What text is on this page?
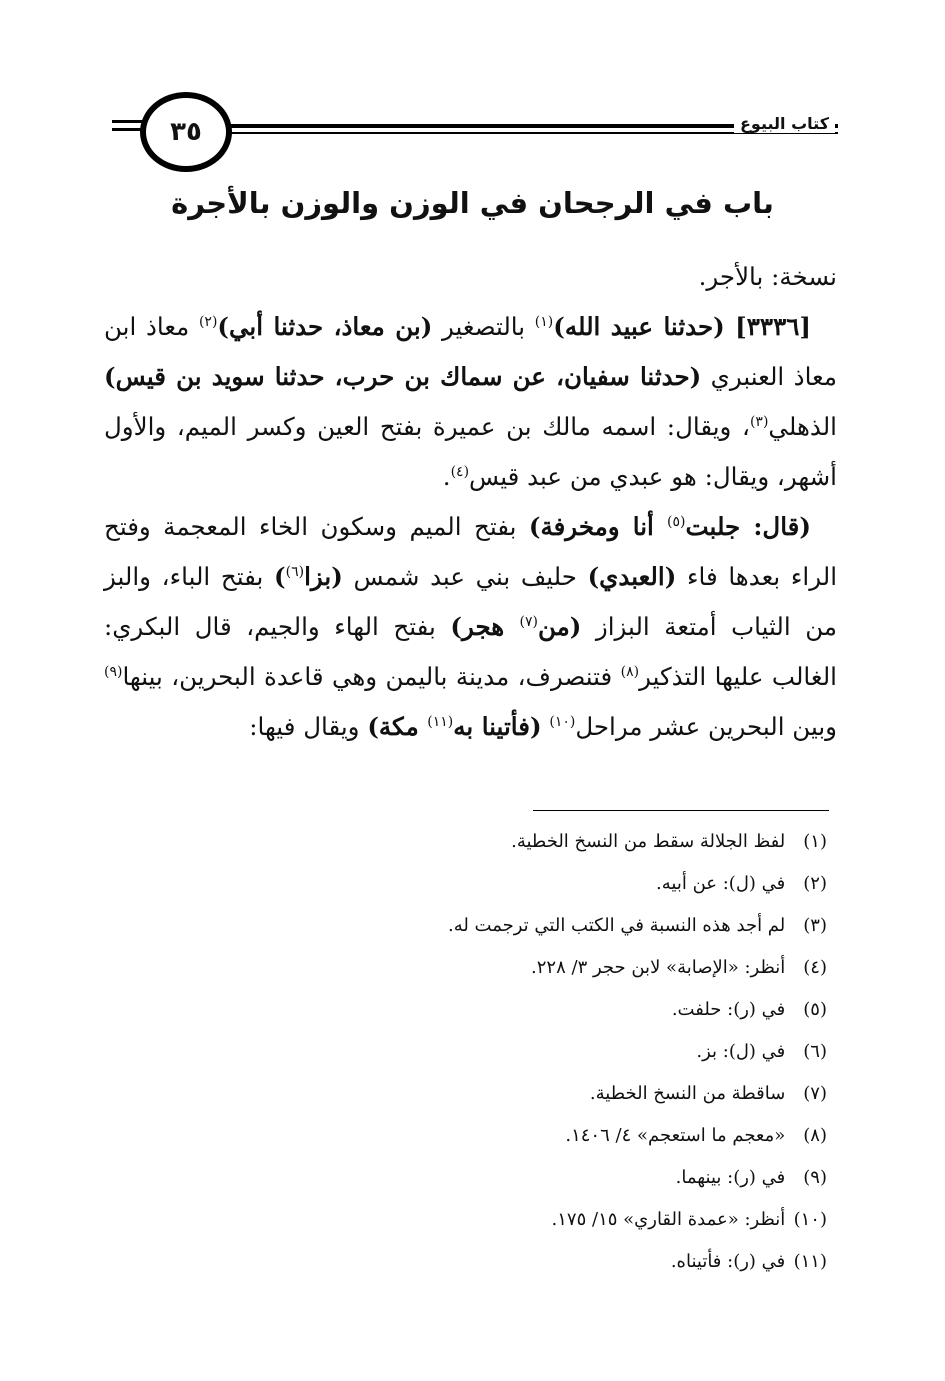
٣٥	كتاب البيوع
باب في الرجحان في الوزن والوزن بالأجرة

نسخة: بالأجر.

[٣٣٣٦] (حدثنا عبيد الله)$^{(١)}$ بالتصغير (بن معاذ، حدثنا أبي)$^{(٢)}$ معاذ ابن معاذ العنبري (حدثنا سفيان، عن سماك بن حرب، حدثنا سويد بن قيس) الذهلي$^{(٣)}$، ويقال: اسمه مالك بن عميرة بفتح العين وكسر الميم، والأول أشهر، ويقال: هو عبدي من عبد قيس$^{(٤)}$.

(قال: جلبت$^{(٥)}$ أنا ومخرفة) بفتح الميم وسكون الخاء المعجمة وفتح الراء بعدها فاء (العبدي) حليف بني عبد شمس (بزا$^{(٦)}$) بفتح الباء، والبز من الثياب أمتعة البزاز (من$^{(٧)}$ هجر) بفتح الهاء والجيم، قال البكري: الغالب عليها التذكير$^{(٨)}$ فتنصرف، مدينة باليمن وهي قاعدة البحرين، بينها$^{(٩)}$ وبين البحرين عشر مراحل$^{(١٠)}$ (فأتينا به$^{(١١)}$ مكة) ويقال فيها:

(١) لفظ الجلالة سقط من النسخ الخطية.
(٢) في (ل): عن أبيه.
(٣) لم أجد هذه النسبة في الكتب التي ترجمت له.
(٤) أنظر: «الإصابة» لابن حجر ٣/ ٢٢٨.
(٥) في (ر): حلفت.
(٦) في (ل): بز.
(٧) ساقطة من النسخ الخطية.
(٨) «معجم ما استعجم» ٤/ ١٤٠٦.
(٩) في (ر): بينهما.
(١٠) أنظر: «عمدة القاري» ١٥/ ١٧٥.
(١١) في (ر): فأتيناه.
